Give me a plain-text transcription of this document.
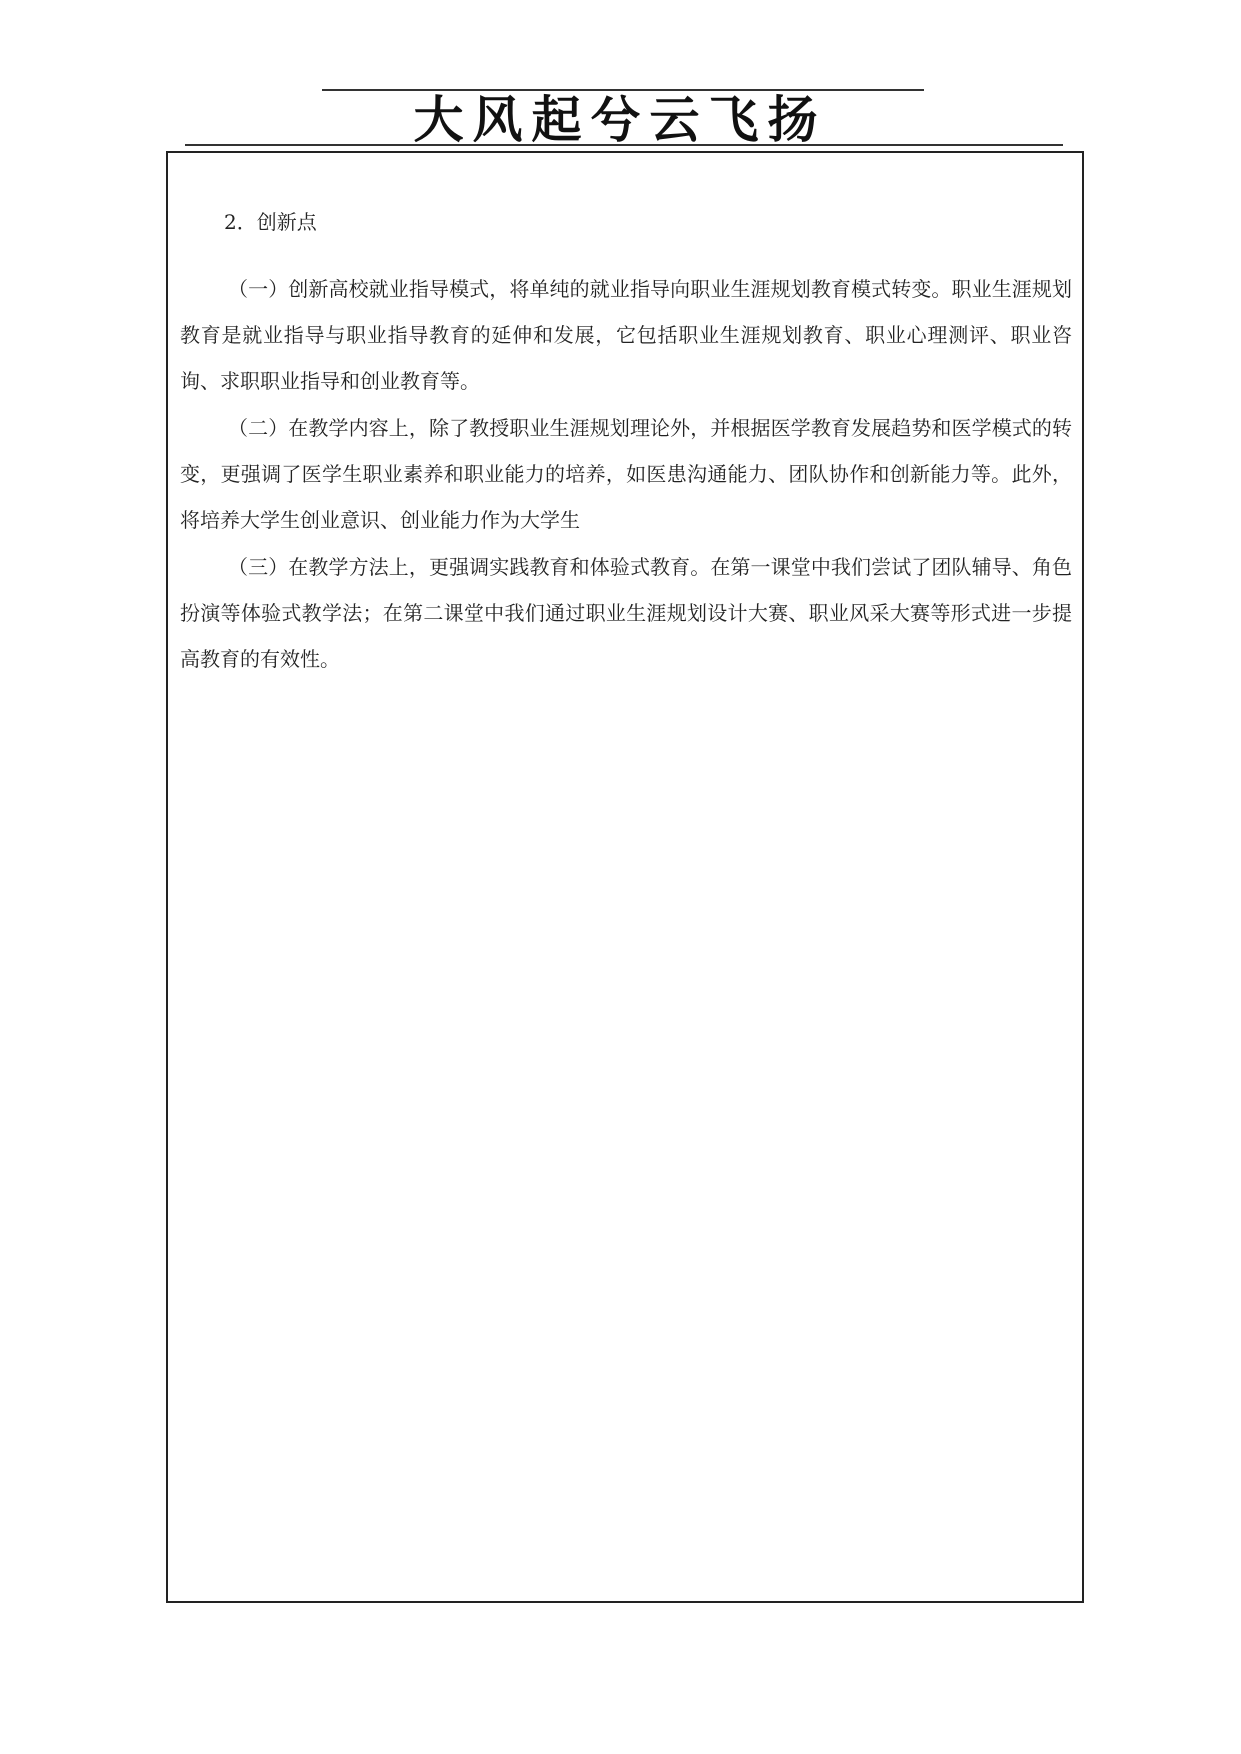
大风起兮云飞扬
2．创新点

（一）创新高校就业指导模式，将单纯的就业指导向职业生涯规划教育模式转变。职业生涯规划教育是就业指导与职业指导教育的延伸和发展，它包括职业生涯规划教育、职业心理测评、职业咨询、求职职业指导和创业教育等。

（二）在教学内容上，除了教授职业生涯规划理论外，并根据医学教育发展趋势和医学模式的转变，更强调了医学生职业素养和职业能力的培养，如医患沟通能力、团队协作和创新能力等。此外，将培养大学生创业意识、创业能力作为大学生

（三）在教学方法上，更强调实践教育和体验式教育。在第一课堂中我们尝试了团队辅导、角色扮演等体验式教学法；在第二课堂中我们通过职业生涯规划设计大赛、职业风采大赛等形式进一步提高教育的有效性。
